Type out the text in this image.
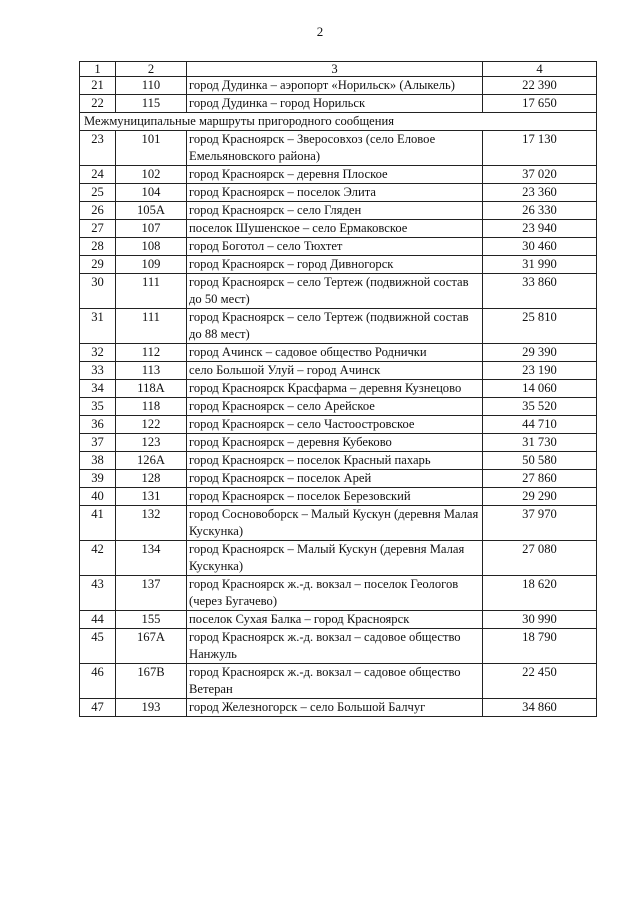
2
1	2	3	4
21	110	город Дудинка – аэропорт «Норильск» (Алыкель)	22 390
22	115	город Дудинка – город Норильск	17 650
Межмуниципальные маршруты пригородного сообщения			
23	101	город Красноярск – Зверосовхоз (село Еловое Емельяновского района)	17 130
24	102	город Красноярск – деревня Плоское	37 020
25	104	город Красноярск – поселок Элита	23 360
26	105А	город Красноярск – село Гляден	26 330
27	107	поселок Шушенское – село Ермаковское	23 940
28	108	город Боготол – село Тюхтет	30 460
29	109	город Красноярск – город Дивногорск	31 990
30	111	город Красноярск – село Тертеж (подвижной состав до 50 мест)	33 860
31	111	город Красноярск – село Тертеж (подвижной состав до 88 мест)	25 810
32	112	город Ачинск – садовое общество Роднички	29 390
33	113	село Большой Улуй – город Ачинск	23 190
34	118А	город Красноярск Красфарма – деревня Кузнецово	14 060
35	118	город Красноярск – село Арейское	35 520
36	122	город Красноярск – село Частоостровское	44 710
37	123	город Красноярск – деревня Кубеково	31 730
38	126А	город Красноярск – поселок Красный пахарь	50 580
39	128	город Красноярск – поселок Арей	27 860
40	131	город Красноярск – поселок Березовский	29 290
41	132	город Сосновоборск – Малый Кускун (деревня Малая Кускунка)	37 970
42	134	город Красноярск – Малый Кускун (деревня Малая Кускунка)	27 080
43	137	город Красноярск ж.-д. вокзал – поселок Геологов (через Бугачево)	18 620
44	155	поселок Сухая Балка – город Красноярск	30 990
45	167А	город Красноярск ж.-д. вокзал – садовое общество Нанжуль	18 790
46	167В	город Красноярск ж.-д. вокзал – садовое общество Ветеран	22 450
47	193	город Железногорск – село Большой Балчуг	34 860
